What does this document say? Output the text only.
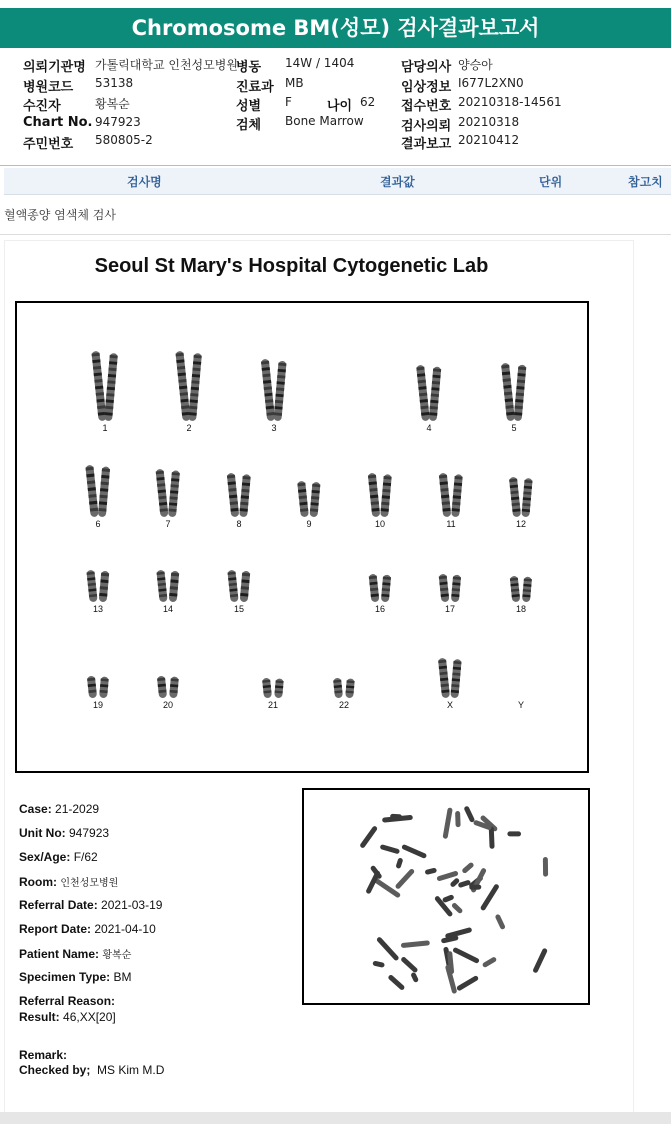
Chromosome BM(성모) 검사결과보고서
의뢰기관명 가톨릭대학교 인천성모병원
병원코드 53138
수진자	황복순
Chart No. 947923
주민번호 580805-2
병동 14W / 1404
진료과 MB
성별 F	나이 62
검체 Bone Marrow
담당의사 양승아
임상정보 I677L2XN0
접수번호 20210318-14561
검사의뢰 20210318
결과보고 20210412
검사명	결과값	단위	참고치
혈액종양 염색체 검사
Seoul St Mary's Hospital Cytogenetic Lab
1	2	3	4	5
6	7	8	9	10	11	12
13	14	15	16	17	18
19	20	21	22	X	Y
Case: 21-2029
Unit No: 947923
Sex/Age: F/62
Room: 인천성모병원
Referral Date: 2021-03-19
Report Date: 2021-04-10
Patient Name: 황복순
Specimen Type: BM
Referral Reason:
Result: 46,XX[20]
Remark:
Checked by; MS Kim M.D
